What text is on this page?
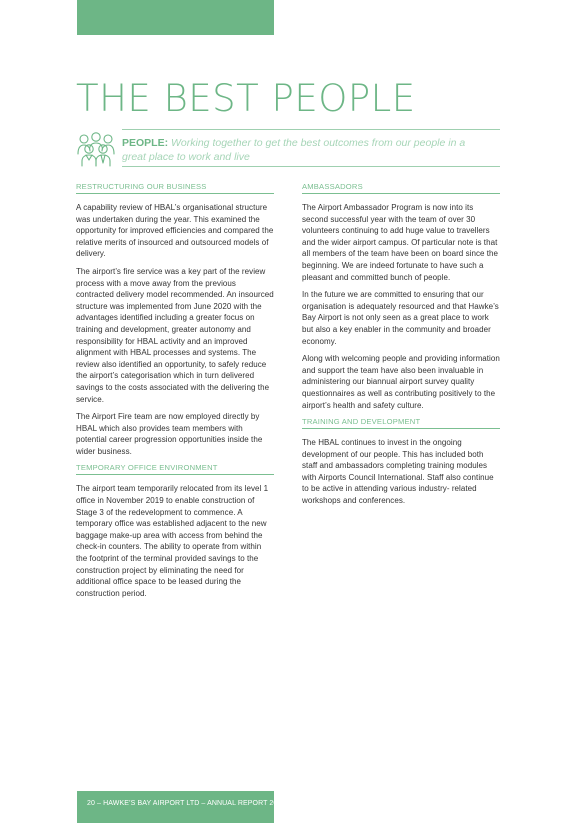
THE BEST PEOPLE
PEOPLE: Working together to get the best outcomes from our people in a great place to work and live
RESTRUCTURING OUR BUSINESS

A capability review of HBAL’s organisational structure was undertaken during the year. This examined the opportunity for improved efficiencies and compared the relative merits of insourced and outsourced models of delivery.

The airport’s fire service was a key part of the review process with a move away from the previous contracted delivery model recommended. An insourced structure was implemented from June 2020 with the advantages identified including a greater focus on training and development, greater autonomy and responsibility for HBAL activity and an improved alignment with HBAL processes and systems. The review also identified an opportunity, to safely reduce the airport’s categorisation which in turn delivered savings to the costs associated with the delivering the service.

The Airport Fire team are now employed directly by HBAL which also provides team members with potential career progression opportunities inside the wider business.

TEMPORARY OFFICE ENVIRONMENT

The airport team temporarily relocated from its level 1 office in November 2019 to enable construction of Stage 3 of the redevelopment to commence. A temporary office was established adjacent to the new baggage make-up area with access from behind the check-in counters. The ability to operate from within the footprint of the terminal provided savings to the construction project by eliminating the need for additional office space to be leased during the construction period.

AMBASSADORS

The Airport Ambassador Program is now into its second successful year with the team of over 30 volunteers continuing to add huge value to travellers and the wider airport campus. Of particular note is that all members of the team have been on board since the beginning. We are indeed fortunate to have such a pleasant and committed bunch of people.

In the future we are committed to ensuring that our organisation is adequately resourced and that Hawke’s Bay Airport is not only seen as a great place to work but also a key enabler in the community and broader economy.

Along with welcoming people and providing information and support the team have also been invaluable in administering our biannual airport survey quality questionnaires as well as contributing positively to the airport’s health and safety culture.

TRAINING AND DEVELOPMENT

The HBAL continues to invest in the ongoing development of our people. This has included both staff and ambassadors completing training modules with Airports Council International. Staff also continue to be active in attending various industry- related workshops and conferences.

20 – HAWKE’S BAY AIRPORT LTD – ANNUAL REPORT 2020
